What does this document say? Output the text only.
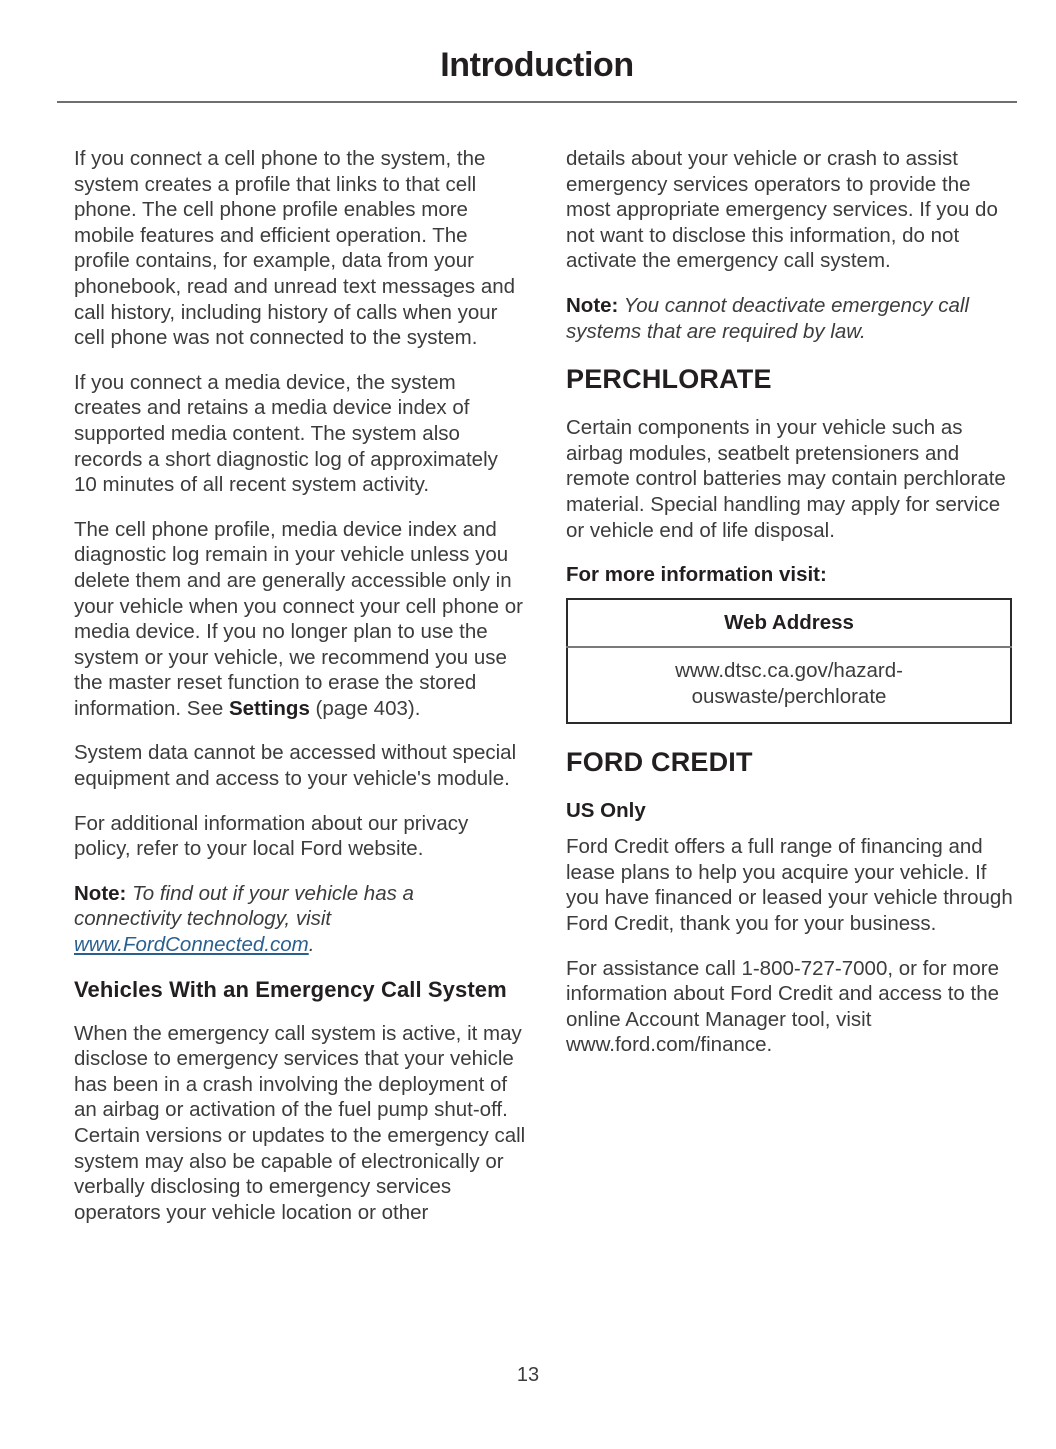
Introduction

If you connect a cell phone to the system, the system creates a profile that links to that cell phone. The cell phone profile enables more mobile features and efficient operation. The profile contains, for example, data from your phonebook, read and unread text messages and call history, including history of calls when your cell phone was not connected to the system.

If you connect a media device, the system creates and retains a media device index of supported media content. The system also records a short diagnostic log of approximately 10 minutes of all recent system activity.

The cell phone profile, media device index and diagnostic log remain in your vehicle unless you delete them and are generally accessible only in your vehicle when you connect your cell phone or media device. If you no longer plan to use the system or your vehicle, we recommend you use the master reset function to erase the stored information. See Settings (page 403).

System data cannot be accessed without special equipment and access to your vehicle's module.

For additional information about our privacy policy, refer to your local Ford website.

Note: To find out if your vehicle has a connectivity technology, visit www.FordConnected.com.

Vehicles With an Emergency Call System

When the emergency call system is active, it may disclose to emergency services that your vehicle has been in a crash involving the deployment of an airbag or activation of the fuel pump shut-off. Certain versions or updates to the emergency call system may also be capable of electronically or verbally disclosing to emergency services operators your vehicle location or other

details about your vehicle or crash to assist emergency services operators to provide the most appropriate emergency services. If you do not want to disclose this information, do not activate the emergency call system.

Note: You cannot deactivate emergency call systems that are required by law.

PERCHLORATE

Certain components in your vehicle such as airbag modules, seatbelt pretensioners and remote control batteries may contain perchlorate material. Special handling may apply for service or vehicle end of life disposal.

For more information visit:
Web Address
www.dtsc.ca.gov/hazard-
ouswaste/perchlorate
FORD CREDIT
US Only

Ford Credit offers a full range of financing and lease plans to help you acquire your vehicle. If you have financed or leased your vehicle through Ford Credit, thank you for your business.

For assistance call 1-800-727-7000, or for more information about Ford Credit and access to the online Account Manager tool, visit www.ford.com/finance.

13
